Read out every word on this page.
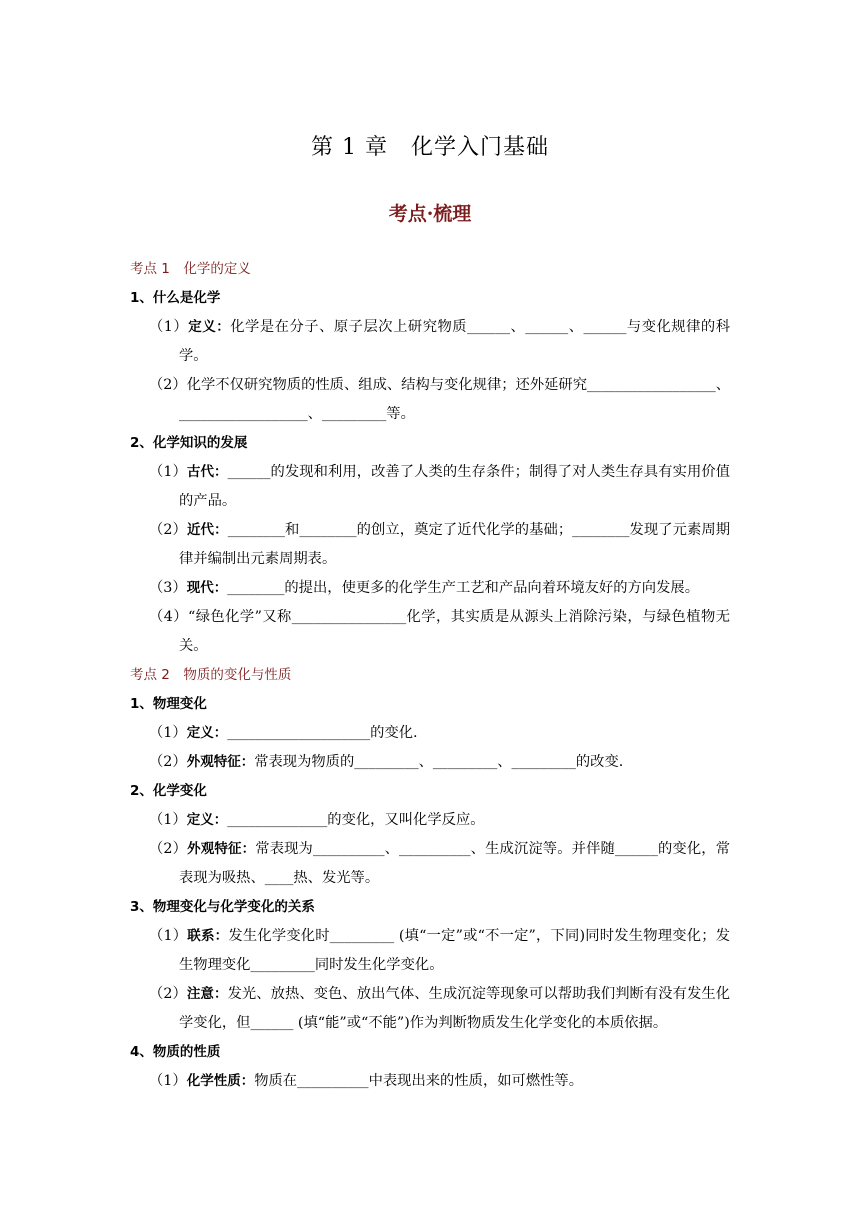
第 1 章　化学入门基础
考点·梳理
考点 1　化学的定义
1、什么是化学
（1）定义：化学是在分子、原子层次上研究物质______、______、______与变化规律的科学。
（2）化学不仅研究物质的性质、组成、结构与变化规律；还外延研究__________________、__________________、_________等。
2、化学知识的发展
（1）古代：______的发现和利用，改善了人类的生存条件；制得了对人类生存具有实用价值的产品。
（2）近代：________和________的创立，奠定了近代化学的基础；________发现了元素周期律并编制出元素周期表。
（3）现代：________的提出，使更多的化学生产工艺和产品向着环境友好的方向发展。
（4）“绿色化学”又称________________化学，其实质是从源头上消除污染，与绿色植物无关。
考点 2　物质的变化与性质
1、物理变化
（1）定义：____________________的变化.
（2）外观特征：常表现为物质的_________、_________、_________的改变.
2、化学变化
（1）定义：______________的变化，又叫化学反应。
（2）外观特征：常表现为__________、__________、生成沉淀等。并伴随______的变化，常表现为吸热、____热、发光等。
3、物理变化与化学变化的关系
（1）联系：发生化学变化时_________ (填“一定”或“不一定”，下同)同时发生物理变化；发生物理变化_________同时发生化学变化。
（2）注意：发光、放热、变色、放出气体、生成沉淀等现象可以帮助我们判断有没有发生化学变化，但______ (填“能”或“不能”)作为判断物质发生化学变化的本质依据。
4、物质的性质
（1）化学性质：物质在__________中表现出来的性质，如可燃性等。
